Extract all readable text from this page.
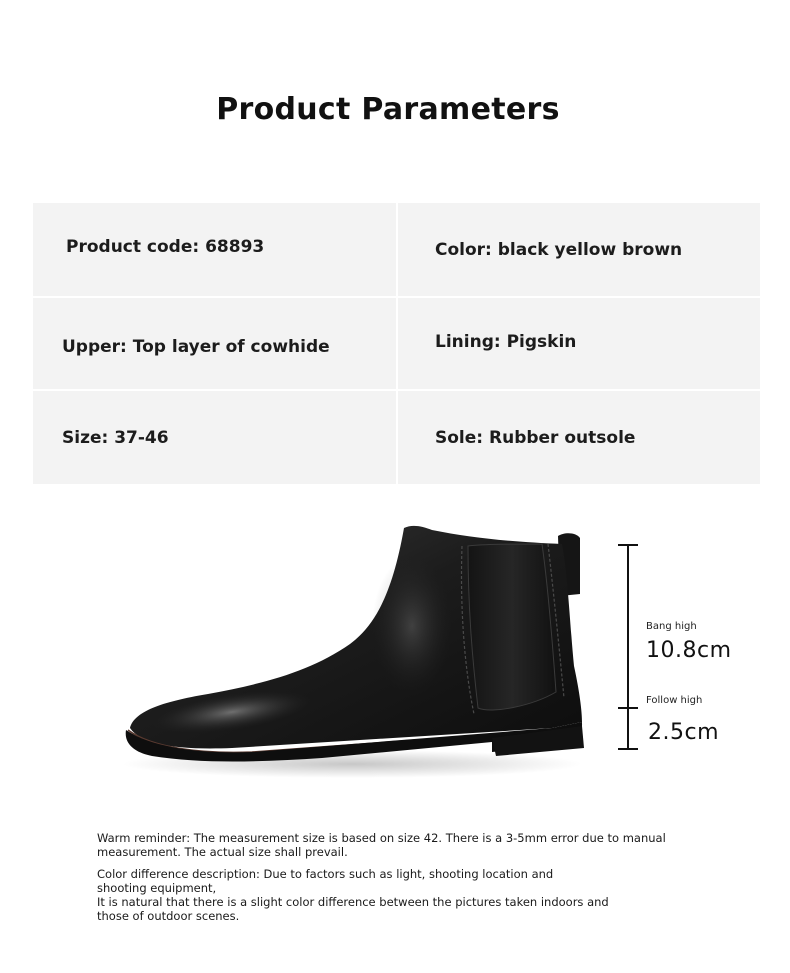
Product Parameters
Product code: 68893	Color: black yellow brown
Upper: Top layer of cowhide	Lining: Pigskin
Size: 37-46	Sole: Rubber outsole
Bang high
10.8cm
Follow high
2.5cm

Warm reminder: The measurement size is based on size 42. There is a 3-5mm error due to manual
measurement. The actual size shall prevail.

Color difference description: Due to factors such as light, shooting location and
shooting equipment,
It is natural that there is a slight color difference between the pictures taken indoors and
those of outdoor scenes.
